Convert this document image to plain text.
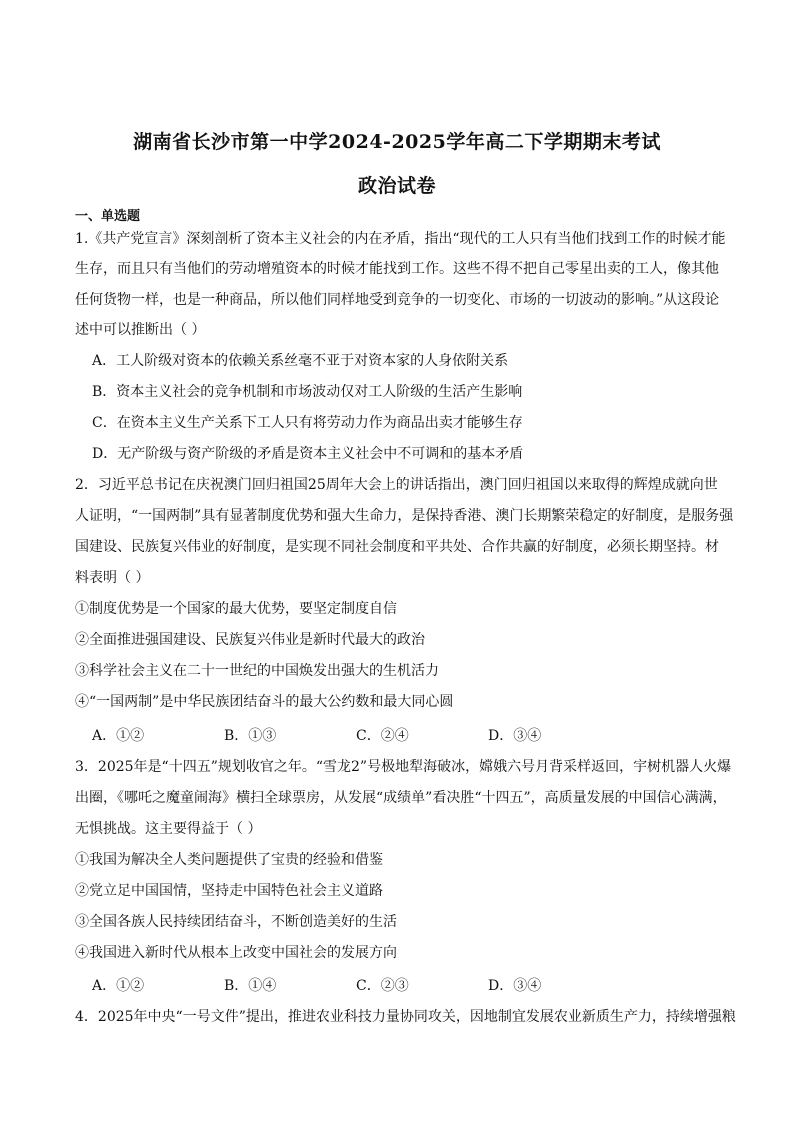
湖南省长沙市第一中学2024-2025学年高二下学期期末考试
政治试卷
一、单选题
1.《共产党宣言》深刻剖析了资本主义社会的内在矛盾，指出“现代的工人只有当他们找到工作的时候才能
生存，而且只有当他们的劳动增殖资本的时候才能找到工作。这些不得不把自己零星出卖的工人，像其他
任何货物一样，也是一种商品，所以他们同样地受到竞争的一切变化、市场的一切波动的影响。”从这段论
述中可以推断出（ ）
A．工人阶级对资本的依赖关系丝毫不亚于对资本家的人身依附关系
B．资本主义社会的竞争机制和市场波动仅对工人阶级的生活产生影响
C．在资本主义生产关系下工人只有将劳动力作为商品出卖才能够生存
D．无产阶级与资产阶级的矛盾是资本主义社会中不可调和的基本矛盾
2．习近平总书记在庆祝澳门回归祖国25周年大会上的讲话指出，澳门回归祖国以来取得的辉煌成就向世
人证明，“一国两制”具有显著制度优势和强大生命力，是保持香港、澳门长期繁荣稳定的好制度，是服务强
国建设、民族复兴伟业的好制度，是实现不同社会制度和平共处、合作共赢的好制度，必须长期坚持。材
料表明（ ）
①制度优势是一个国家的最大优势，要坚定制度自信
②全面推进强国建设、民族复兴伟业是新时代最大的政治
③科学社会主义在二十一世纪的中国焕发出强大的生机活力
④“一国两制”是中华民族团结奋斗的最大公约数和最大同心圆
A．①②	B．①③	C．②④	D．③④
3．2025年是“十四五”规划收官之年。“雪龙2”号极地犁海破冰，嫦娥六号月背采样返回，宇树机器人火爆
出圈，《哪吒之魔童闹海》横扫全球票房，从发展“成绩单”看决胜“十四五”，高质量发展的中国信心满满，
无惧挑战。这主要得益于（ ）
①我国为解决全人类问题提供了宝贵的经验和借鉴
②党立足中国国情，坚持走中国特色社会主义道路
③全国各族人民持续团结奋斗，不断创造美好的生活
④我国进入新时代从根本上改变中国社会的发展方向
A．①②	B．①④	C．②③	D．③④
4．2025年中央“一号文件”提出，推进农业科技力量协同攻关，因地制宜发展农业新质生产力，持续增强粮
